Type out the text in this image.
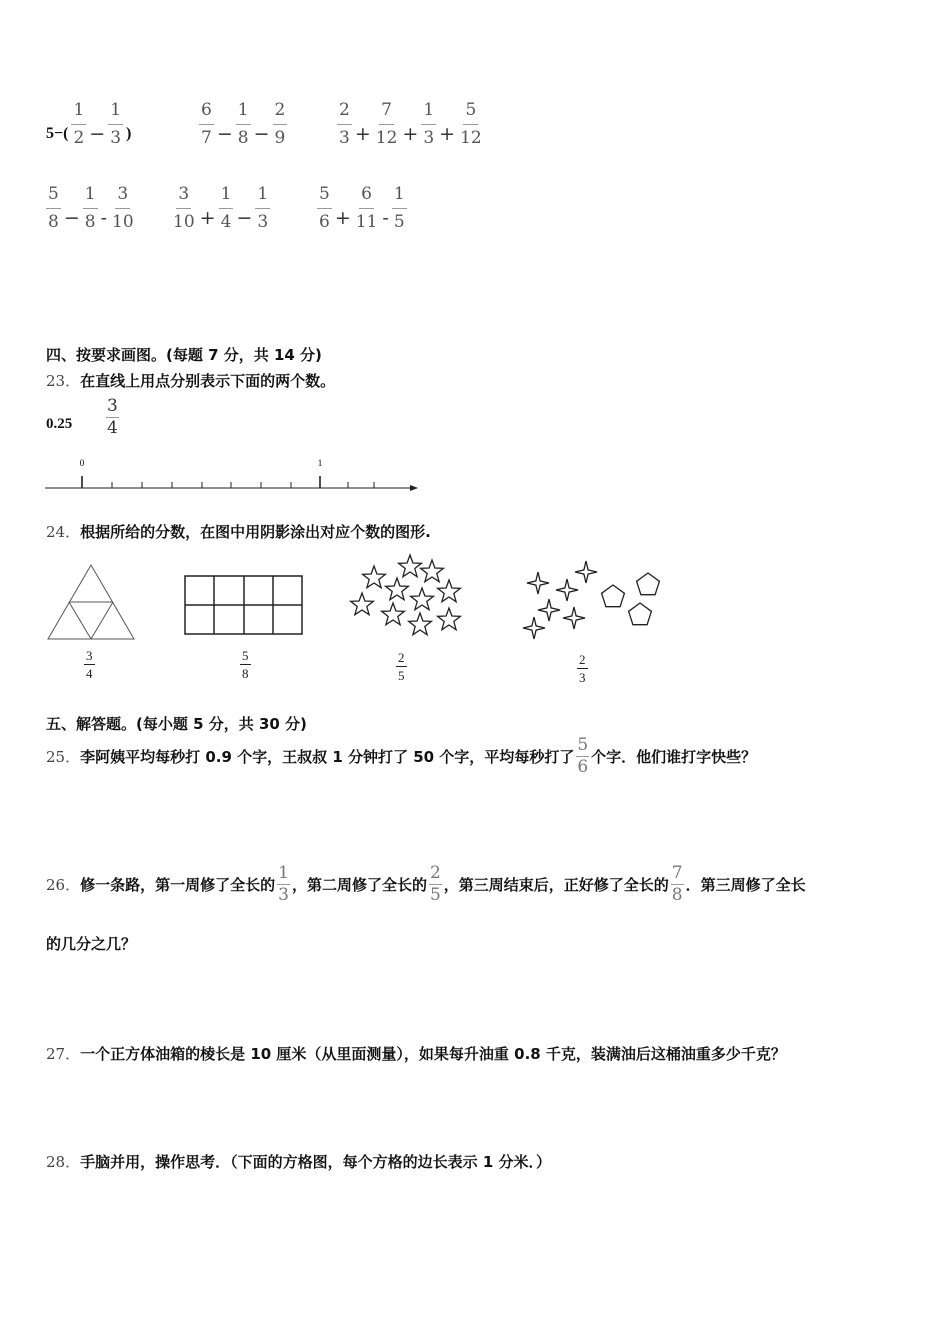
$5-( \frac{1}{2} - \frac{1}{3}$ )	$\frac{6}{7} - \frac{1}{8} - \frac{2}{9}$	$\frac{2}{3} + \frac{7}{12} + \frac{1}{3} + \frac{5}{12}$
$\frac{5}{8} - \frac{1}{8} - \frac{3}{10} \frac{3}{10} + \frac{1}{4} - \frac{1}{3}$	$\frac{5}{6} + \frac{6}{11} - \frac{1}{5}$
四、按要求画图。(每题 7 分，共 14 分)
23．在直线上用点分别表示下面的两个数。
$0.25 \frac{3}{4}$
0	1
24．根据所给的分数，在图中用阴影涂出对应个数的图形.
$\frac{3}{4}$	$\frac{5}{8}$	$\frac{2}{5}$	$\frac{2}{3}$
五、解答题。(每小题 5 分，共 30 分)
25． 李阿姨平均每秒打 0.9 个字，王叔叔 1 分钟打了 50 个字，平均每秒打了 $\frac{5}{6}$ 个字．他们谁打字快些？
26． 修一条路，第一周修了全长的 $\frac{1}{3}$ ，第二周修了全长的 $\frac{2}{5}$ ，第三周结束后，正好修了全长的 $\frac{7}{8}$ ．第三周修了全长
的几分之几？
27．一个正方体油箱的棱长是 10 厘米（从里面测量），如果每升油重 0.8 千克，装满油后这桶油重多少千克？
28．手脑并用，操作思考．（下面的方格图，每个方格的边长表示 1 分米．）
